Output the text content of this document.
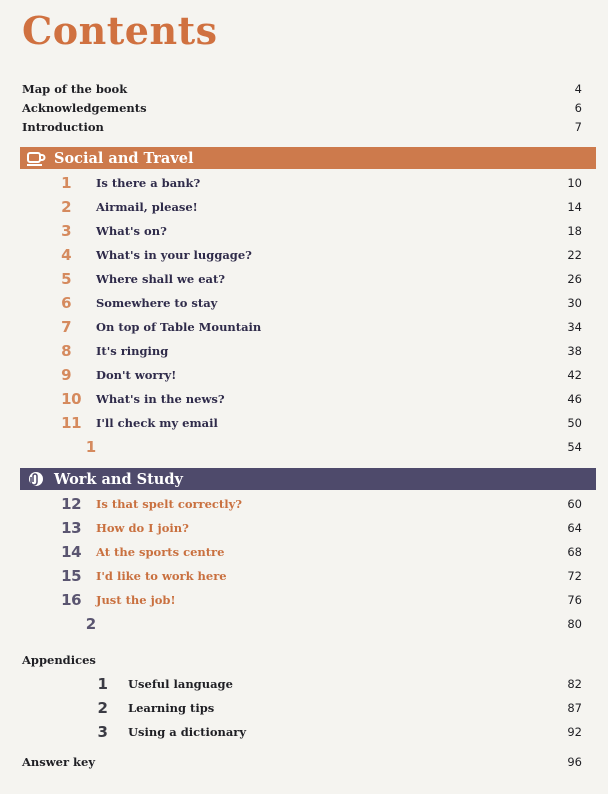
Contents
Map of the book	4
Acknowledgements	6
Introduction	7
Social and Travel
Unit1	Is there a bank?	10
Unit2	Airmail, please!	14
Unit3	What's on?	18
Unit4	What's in your luggage?	22
Unit5	Where shall we eat?	26
Unit6	Somewhere to stay	30
Unit7	On top of Table Mountain	34
Unit8	It's ringing	38
Unit9	Don't worry!	42
Unit10	What's in the news?	46
Unit11	I'll check my email	50
Review1	54
Work and Study
Unit12	Is that spelt correctly?	60
Unit13	How do I join?	64
Unit14	At the sports centre	68
Unit15	I'd like to work here	72
Unit16	Just the job!	76
Review2	80
Appendices
Appendix1	Useful language	82
Appendix2	Learning tips	87
Appendix3	Using a dictionary	92
Answer key	96
